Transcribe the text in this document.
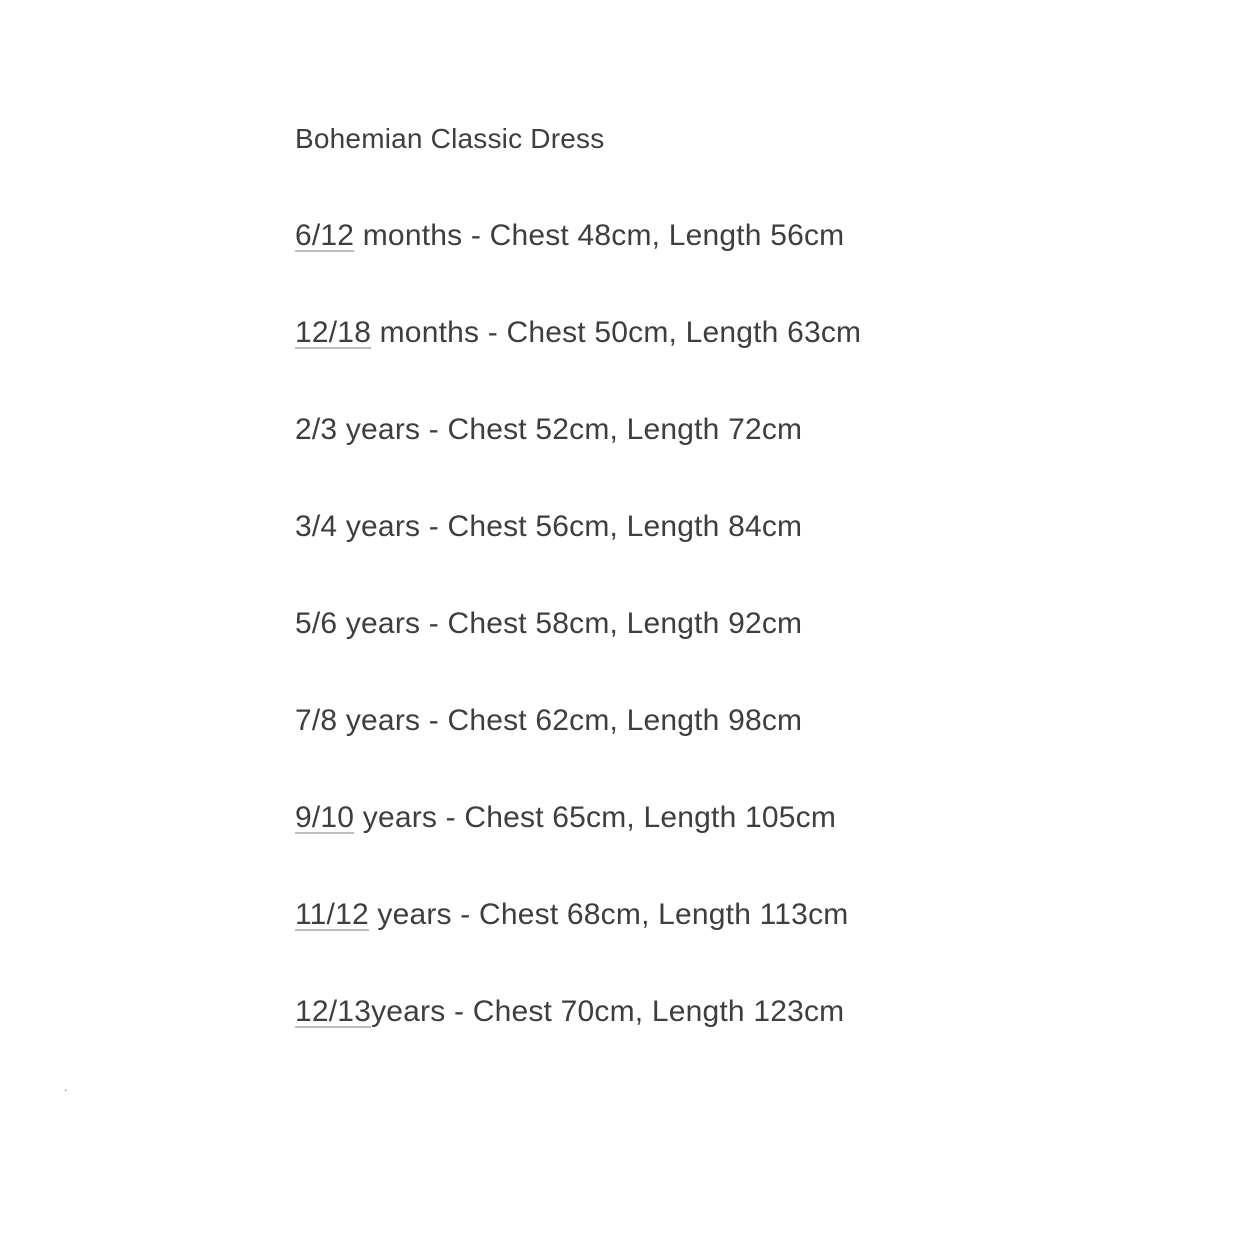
Bohemian Classic Dress

6/12 months - Chest 48cm, Length 56cm

12/18 months - Chest 50cm, Length 63cm

2/3 years - Chest 52cm, Length 72cm

3/4 years - Chest 56cm, Length 84cm

5/6 years - Chest 58cm, Length 92cm

7/8 years - Chest 62cm, Length 98cm

9/10 years - Chest 65cm, Length 105cm

11/12 years - Chest 68cm, Length 113cm

12/13years - Chest 70cm, Length 123cm

.
